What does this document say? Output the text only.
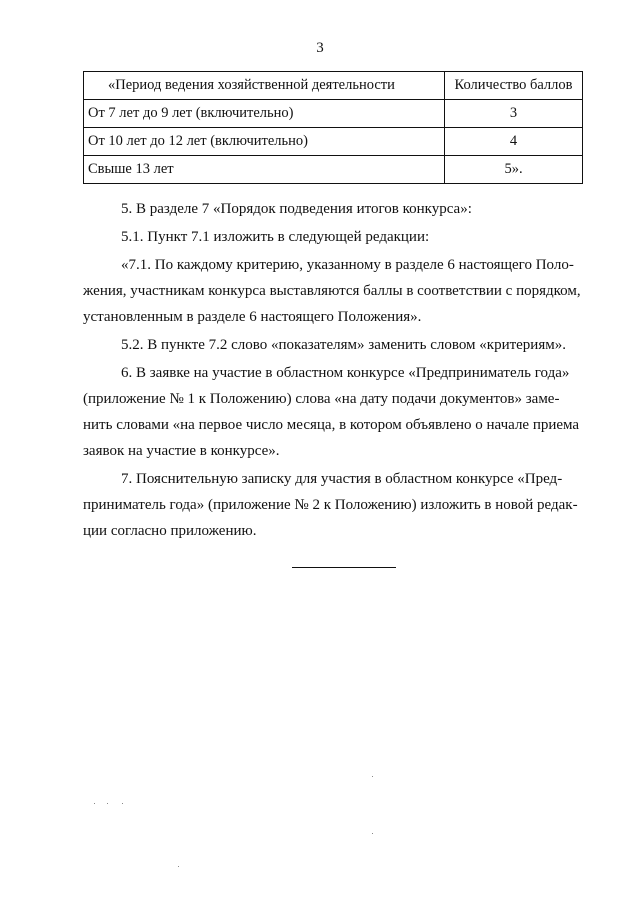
3
«Период ведения хозяйственной деятельности	Количество баллов
От 7 лет до 9 лет (включительно)	3
От 10 лет до 12 лет (включительно)	4
Свыше 13 лет	5».

5. В разделе 7 «Порядок подведения итогов конкурса»:

5.1. Пункт 7.1 изложить в следующей редакции:

«7.1. По каждому критерию, указанному в разделе 6 настоящего Поло-
жения, участникам конкурса выставляются баллы в соответствии с порядком,
установленным в разделе 6 настоящего Положения».

5.2. В пункте 7.2 слово «показателям» заменить словом «критериям».

6. В заявке на участие в областном конкурсе «Предприниматель года»
(приложение № 1 к Положению) слова «на дату подачи документов» заме-
нить словами «на первое число месяца, в котором объявлено о начале приема
заявок на участие в конкурсе».

7. Пояснительную записку для участия в областном конкурсе «Пред-
приниматель года» (приложение № 2 к Положению) изложить в новой редак-
ции согласно приложению.
